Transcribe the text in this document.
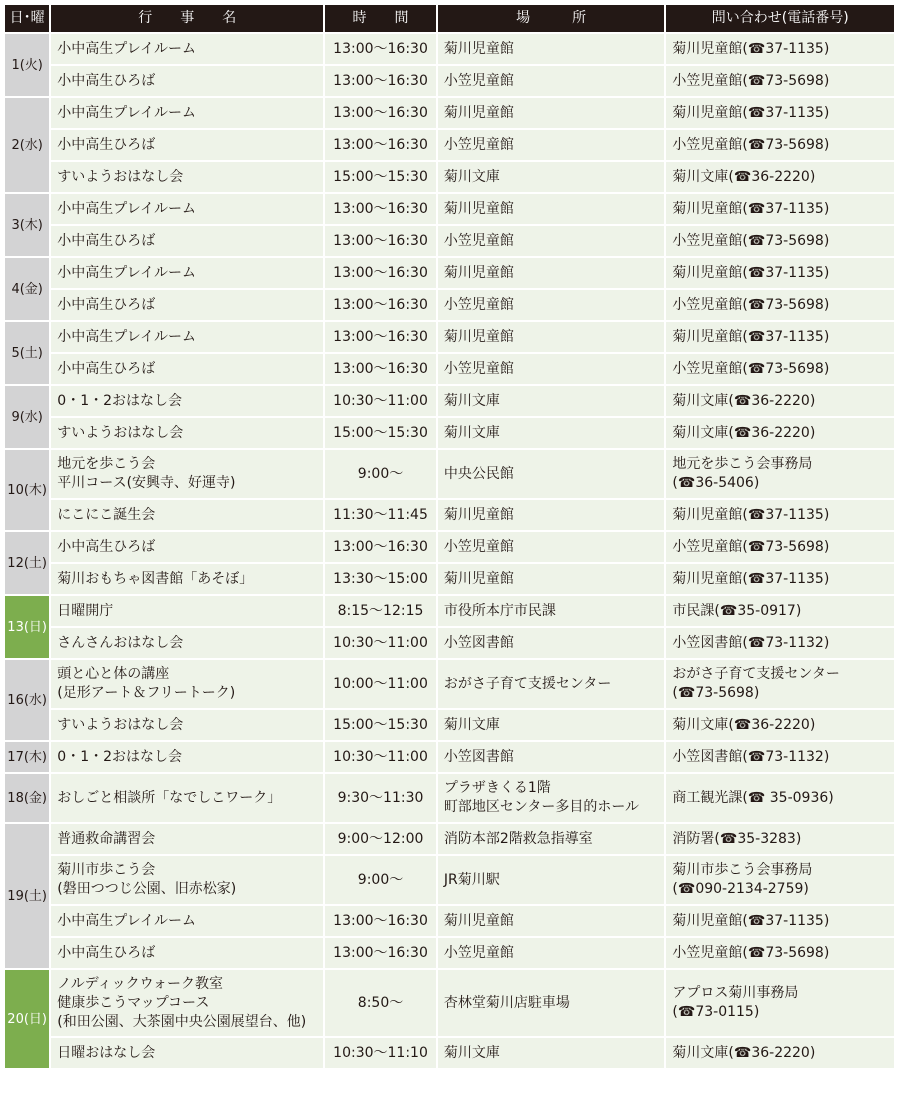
日･曜	行　　事　　名	時　　間	場　　　所	問い合わせ(電話番号)
1(火)	小中高生プレイルーム	13:00〜16:30	菊川児童館	菊川児童館(☎37-1135)

	小中高生ひろば	13:00〜16:30	小笠児童館	小笠児童館(☎73-5698)

2(水)	小中高生プレイルーム	13:00〜16:30	菊川児童館	菊川児童館(☎37-1135)

	小中高生ひろば	13:00〜16:30	小笠児童館	小笠児童館(☎73-5698)

	すいようおはなし会	15:00〜15:30	菊川文庫	菊川文庫(☎36-2220)

3(木)	小中高生プレイルーム	13:00〜16:30	菊川児童館	菊川児童館(☎37-1135)

	小中高生ひろば	13:00〜16:30	小笠児童館	小笠児童館(☎73-5698)

4(金)	小中高生プレイルーム	13:00〜16:30	菊川児童館	菊川児童館(☎37-1135)

	小中高生ひろば	13:00〜16:30	小笠児童館	小笠児童館(☎73-5698)

5(土)	小中高生プレイルーム	13:00〜16:30	菊川児童館	菊川児童館(☎37-1135)

	小中高生ひろば	13:00〜16:30	小笠児童館	小笠児童館(☎73-5698)

9(水)	0・1・2おはなし会	10:30〜11:00	菊川文庫	菊川文庫(☎36-2220)

	すいようおはなし会	15:00〜15:30	菊川文庫	菊川文庫(☎36-2220)

10(木)	地元を歩こう会
平川コース(安興寺、好運寺)	9:00〜	中央公民館	地元を歩こう会事務局
(☎36-5406)

	にこにこ誕生会	11:30〜11:45	菊川児童館	菊川児童館(☎37-1135)

12(土)	小中高生ひろば	13:00〜16:30	小笠児童館	小笠児童館(☎73-5698)

	菊川おもちゃ図書館「あそぼ」	13:30〜15:00	菊川児童館	菊川児童館(☎37-1135)

13(日)	日曜開庁	8:15〜12:15	市役所本庁市民課	市民課(☎35-0917)

	さんさんおはなし会	10:30〜11:00	小笠図書館	小笠図書館(☎73-1132)

16(水)	頭と心と体の講座
(足形アート＆フリートーク)	10:00〜11:00	おがさ子育て支援センター	おがさ子育て支援センター
(☎73-5698)

	すいようおはなし会	15:00〜15:30	菊川文庫	菊川文庫(☎36-2220)

17(木)	0・1・2おはなし会	10:30〜11:00	小笠図書館	小笠図書館(☎73-1132)

18(金)	おしごと相談所「なでしこワーク」	9:30〜11:30	プラザきくる1階
町部地区センター多目的ホール	商工観光課(☎ 35-0936)

19(土)	普通救命講習会	9:00〜12:00	消防本部2階救急指導室	消防署(☎35-3283)

	菊川市歩こう会
(磐田つつじ公園、旧赤松家)	9:00〜	JR菊川駅	菊川市歩こう会事務局
(☎090-2134-2759)

	小中高生プレイルーム	13:00〜16:30	菊川児童館	菊川児童館(☎37-1135)

	小中高生ひろば	13:00〜16:30	小笠児童館	小笠児童館(☎73-5698)

20(日)	ノルディックウォーク教室
健康歩こうマップコース
(和田公園、大茶園中央公園展望台、他)	8:50〜	杏林堂菊川店駐車場	アプロス菊川事務局
(☎73-0115)

	日曜おはなし会	10:30〜11:10	菊川文庫	菊川文庫(☎36-2220)
